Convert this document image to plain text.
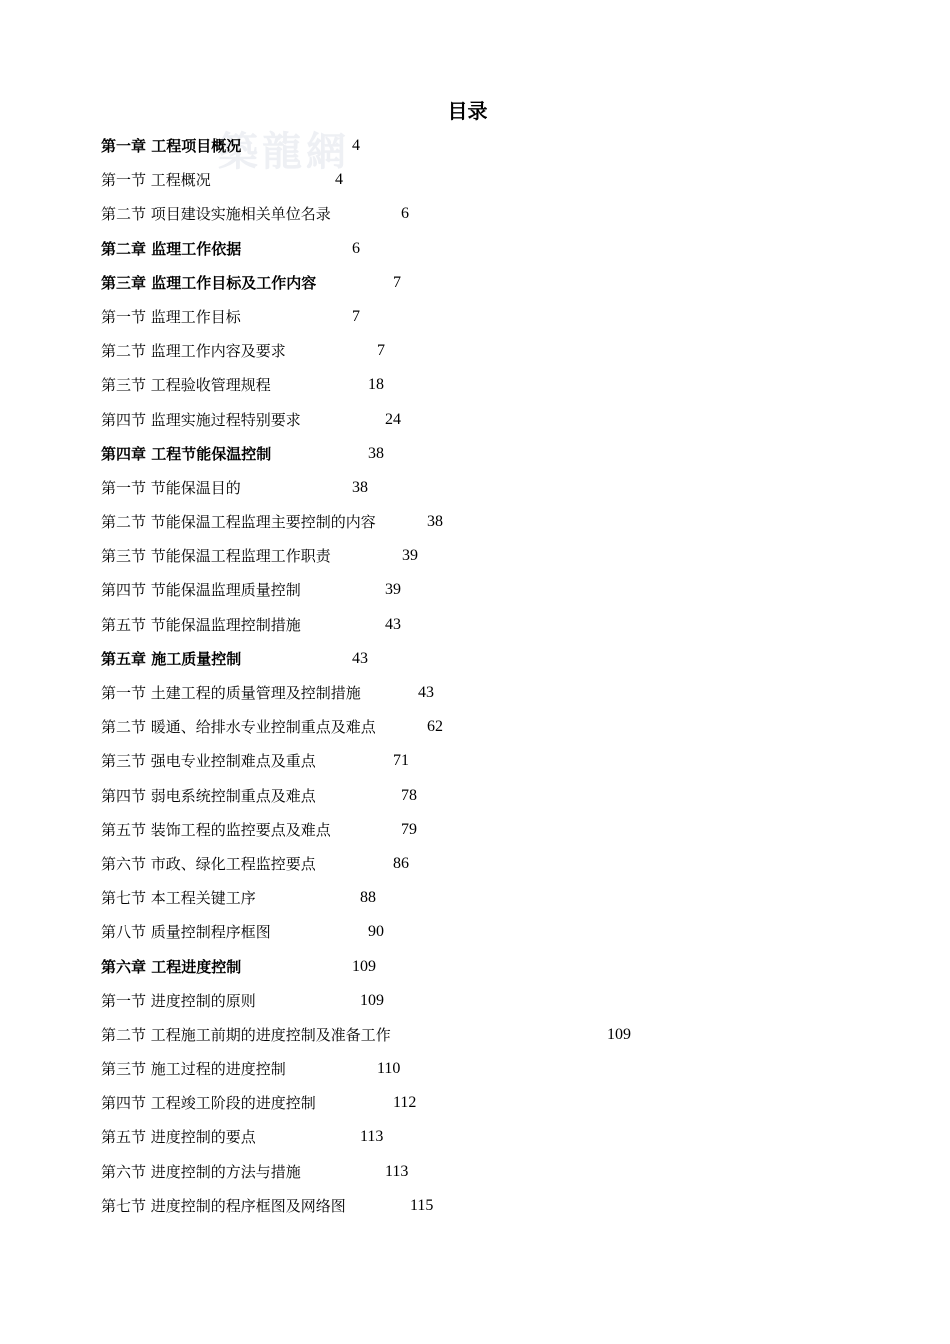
築龍網
目录
第一章 工程项目概况	4
第一节 工程概况	4
第二节 项目建设实施相关单位名录	6
第二章 监理工作依据	6
第三章 监理工作目标及工作内容	7
第一节 监理工作目标	7
第二节 监理工作内容及要求	7
第三节 工程验收管理规程	18
第四节 监理实施过程特别要求	24
第四章 工程节能保温控制	38
第一节 节能保温目的	38
第二节 节能保温工程监理主要控制的内容	38
第三节 节能保温工程监理工作职责	39
第四节 节能保温监理质量控制	39
第五节 节能保温监理控制措施	43
第五章 施工质量控制	43
第一节 土建工程的质量管理及控制措施	43
第二节 暖通、给排水专业控制重点及难点	62
第三节 强电专业控制难点及重点	71
第四节 弱电系统控制重点及难点	78
第五节 装饰工程的监控要点及难点	79
第六节 市政、绿化工程监控要点	86
第七节 本工程关键工序	88
第八节 质量控制程序框图	90
第六章 工程进度控制	109
第一节 进度控制的原则	109
第二节 工程施工前期的进度控制及准备工作	109
第三节 施工过程的进度控制	110
第四节 工程竣工阶段的进度控制	112
第五节 进度控制的要点	113
第六节 进度控制的方法与措施	113
第七节 进度控制的程序框图及网络图	115
